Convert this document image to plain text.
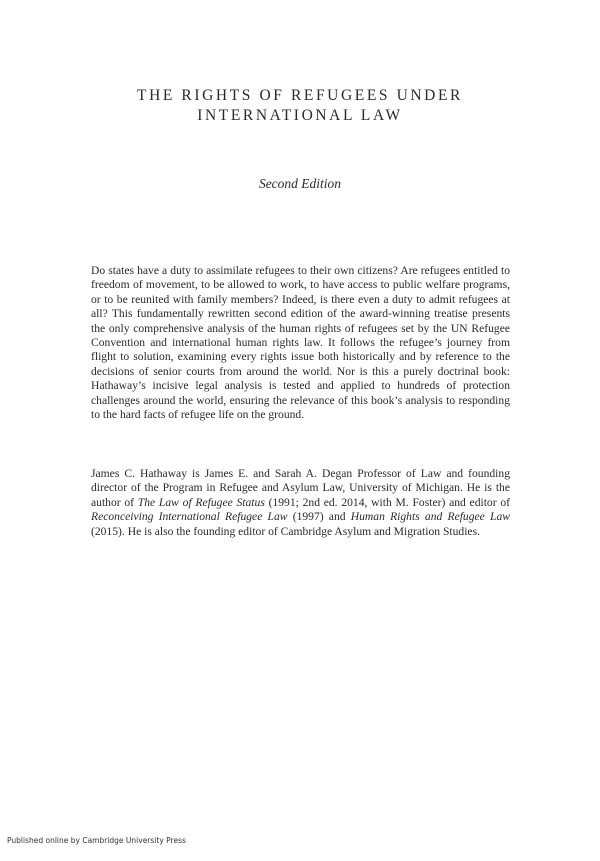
THE RIGHTS OF REFUGEES UNDER
INTERNATIONAL LAW
Second Edition
Do states have a duty to assimilate refugees to their own citizens? Are refugees entitled to freedom of movement, to be allowed to work, to have access to public welfare programs, or to be reunited with family members? Indeed, is there even a duty to admit refugees at all? This fundamentally rewritten second edition of the award-winning treatise presents the only comprehensive analysis of the human rights of refugees set by the UN Refugee Convention and international human rights law. It follows the refugee’s journey from flight to solution, examining every rights issue both historically and by reference to the decisions of senior courts from around the world. Nor is this a purely doctrinal book: Hathaway’s incisive legal analysis is tested and applied to hundreds of protection challenges around the world, ensuring the relevance of this book’s analysis to responding to the hard facts of refugee life on the ground.
James C. Hathaway is James E. and Sarah A. Degan Professor of Law and founding director of the Program in Refugee and Asylum Law, University of Michigan. He is the author of The Law of Refugee Status (1991; 2nd ed. 2014, with M. Foster) and editor of Reconceiving International Refugee Law (1997) and Human Rights and Refugee Law (2015). He is also the founding editor of Cambridge Asylum and Migration Studies.
Published online by Cambridge University Press
